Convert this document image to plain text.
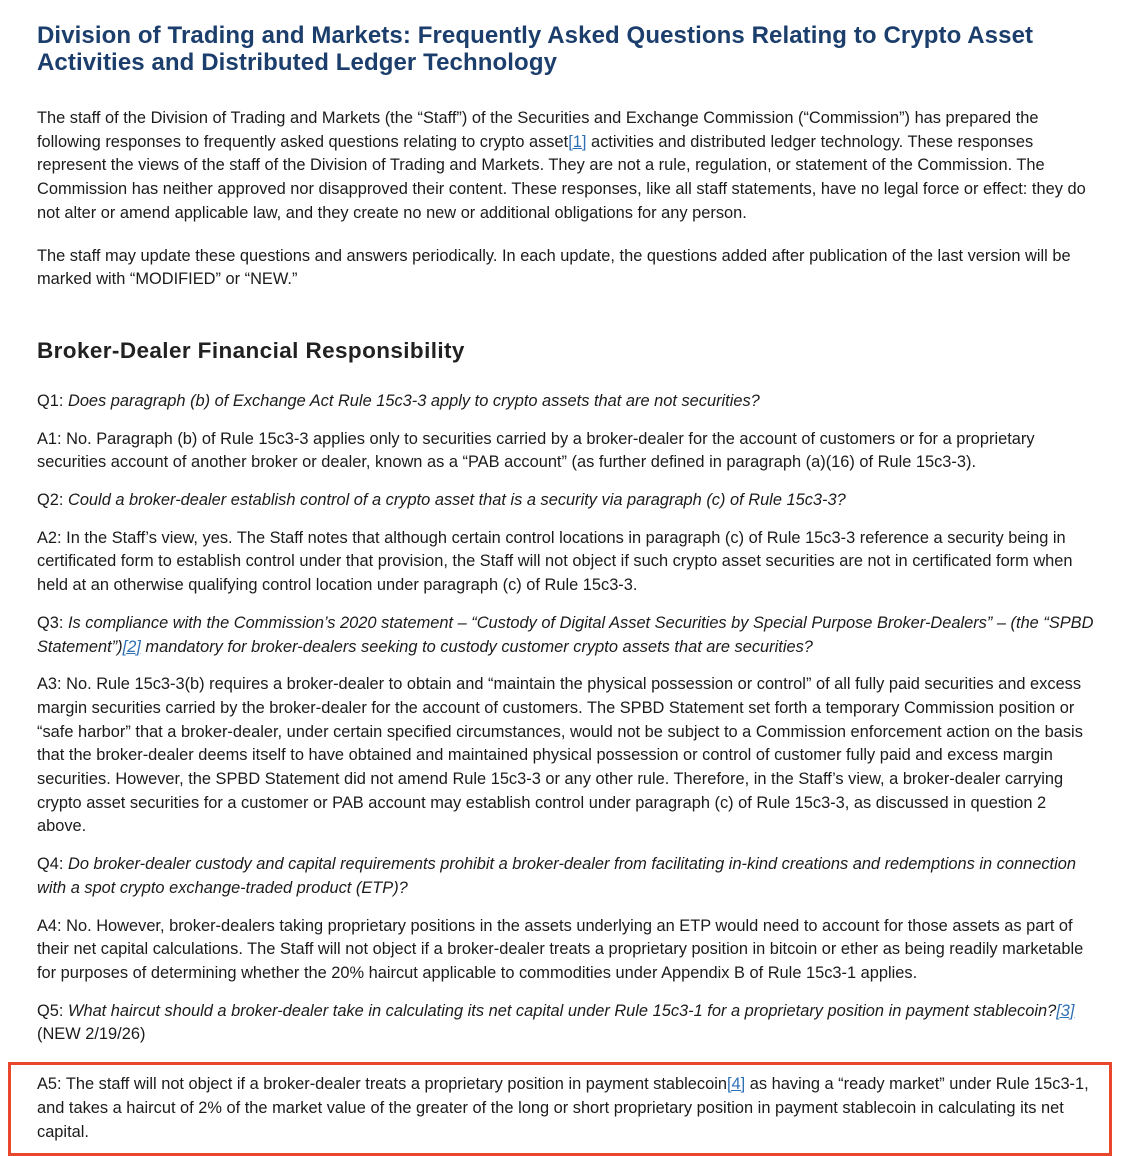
Division of Trading and Markets: Frequently Asked Questions Relating to Crypto Asset Activities and Distributed Ledger Technology

The staff of the Division of Trading and Markets (the “Staff”) of the Securities and Exchange Commission (“Commission”) has prepared the following responses to frequently asked questions relating to crypto asset[1] activities and distributed ledger technology. These responses represent the views of the staff of the Division of Trading and Markets. They are not a rule, regulation, or statement of the Commission. The Commission has neither approved nor disapproved their content. These responses, like all staff statements, have no legal force or effect: they do not alter or amend applicable law, and they create no new or additional obligations for any person.

The staff may update these questions and answers periodically. In each update, the questions added after publication of the last version will be marked with “MODIFIED” or “NEW.”

Broker-Dealer Financial Responsibility

Q1: Does paragraph (b) of Exchange Act Rule 15c3-3 apply to crypto assets that are not securities?

A1: No. Paragraph (b) of Rule 15c3-3 applies only to securities carried by a broker-dealer for the account of customers or for a proprietary securities account of another broker or dealer, known as a “PAB account” (as further defined in paragraph (a)(16) of Rule 15c3-3).

Q2: Could a broker-dealer establish control of a crypto asset that is a security via paragraph (c) of Rule 15c3-3?

A2: In the Staff’s view, yes. The Staff notes that although certain control locations in paragraph (c) of Rule 15c3-3 reference a security being in certificated form to establish control under that provision, the Staff will not object if such crypto asset securities are not in certificated form when held at an otherwise qualifying control location under paragraph (c) of Rule 15c3-3.

Q3: Is compliance with the Commission’s 2020 statement – “Custody of Digital Asset Securities by Special Purpose Broker-Dealers” – (the “SPBD Statement”)[2] mandatory for broker-dealers seeking to custody customer crypto assets that are securities?

A3: No. Rule 15c3-3(b) requires a broker-dealer to obtain and “maintain the physical possession or control” of all fully paid securities and excess margin securities carried by the broker-dealer for the account of customers. The SPBD Statement set forth a temporary Commission position or “safe harbor” that a broker-dealer, under certain specified circumstances, would not be subject to a Commission enforcement action on the basis that the broker-dealer deems itself to have obtained and maintained physical possession or control of customer fully paid and excess margin securities. However, the SPBD Statement did not amend Rule 15c3-3 or any other rule. Therefore, in the Staff’s view, a broker-dealer carrying crypto asset securities for a customer or PAB account may establish control under paragraph (c) of Rule 15c3-3, as discussed in question 2 above.

Q4: Do broker-dealer custody and capital requirements prohibit a broker-dealer from facilitating in-kind creations and redemptions in connection with a spot crypto exchange-traded product (ETP)?

A4: No. However, broker-dealers taking proprietary positions in the assets underlying an ETP would need to account for those assets as part of their net capital calculations. The Staff will not object if a broker-dealer treats a proprietary position in bitcoin or ether as being readily marketable for purposes of determining whether the 20% haircut applicable to commodities under Appendix B of Rule 15c3-1 applies.

Q5: What haircut should a broker-dealer take in calculating its net capital under Rule 15c3-1 for a proprietary position in payment stablecoin?[3]
(NEW 2/19/26)

A5: The staff will not object if a broker-dealer treats a proprietary position in payment stablecoin[4] as having a “ready market” under Rule 15c3-1, and takes a haircut of 2% of the market value of the greater of the long or short proprietary position in payment stablecoin in calculating its net capital.
